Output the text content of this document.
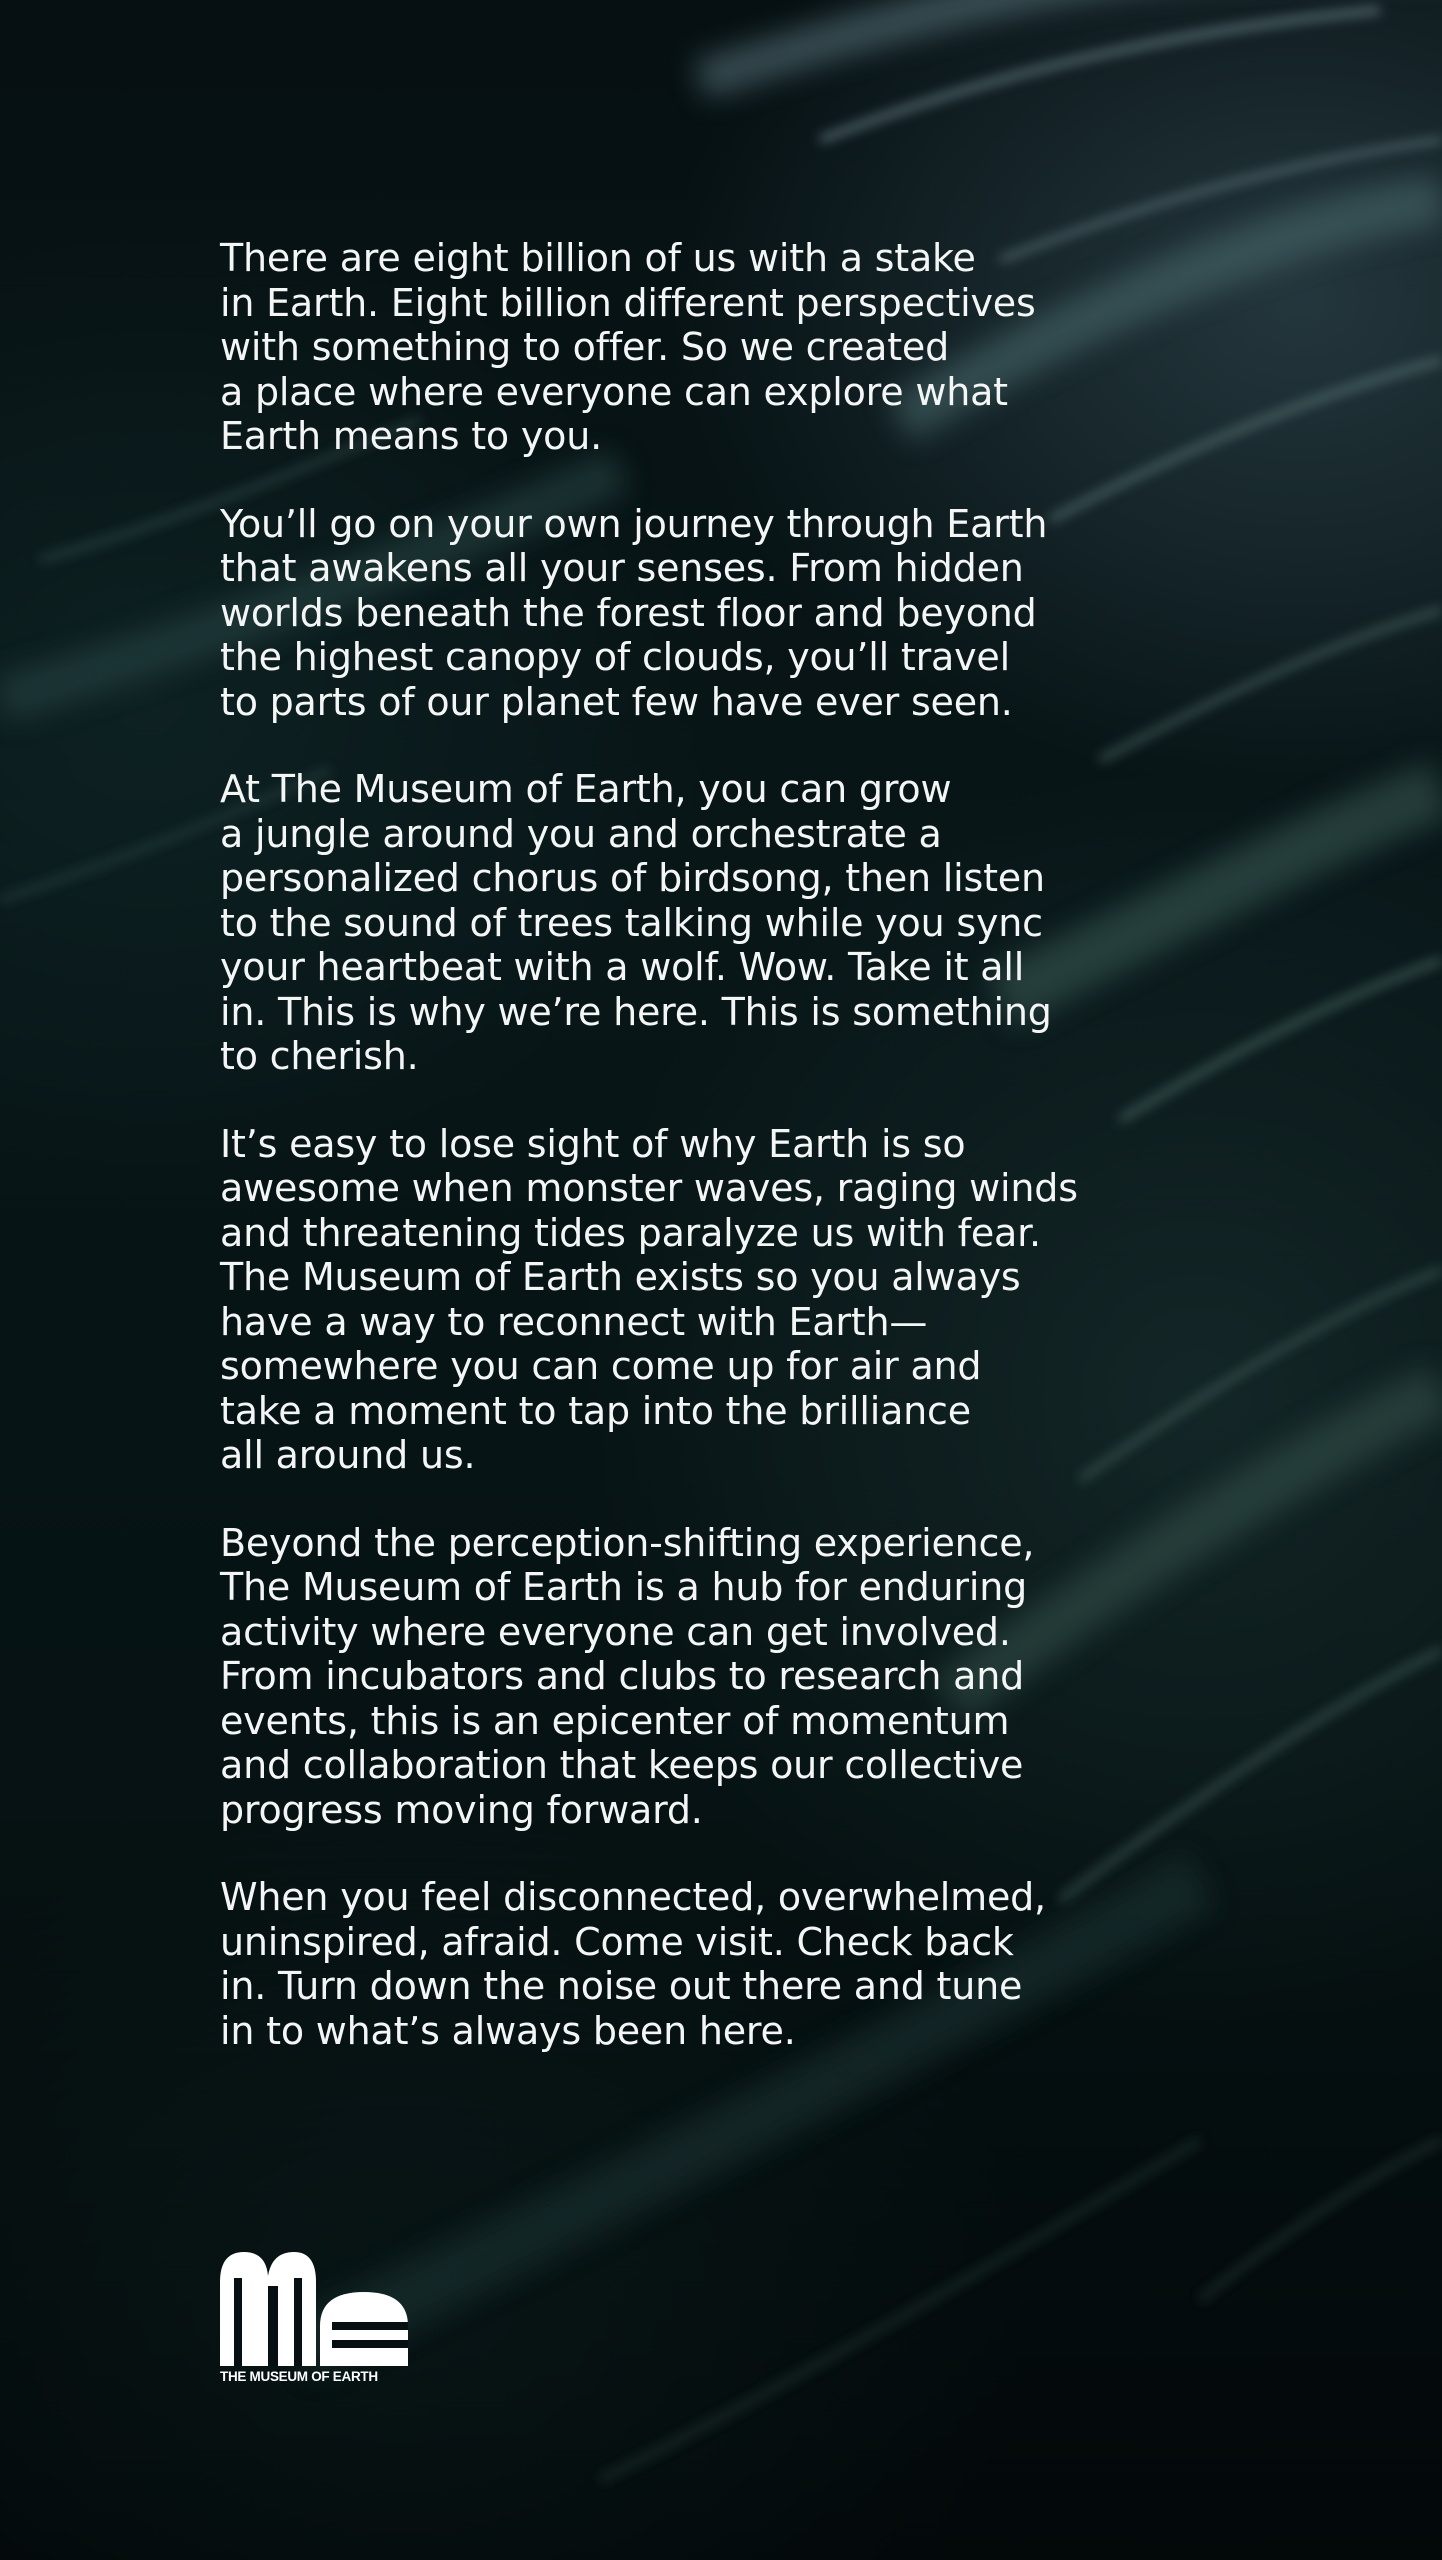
There are eight billion of us with a stake
in Earth. Eight billion different perspectives
with something to offer. So we created
a place where everyone can explore what
Earth means to you.

You’ll go on your own journey through Earth
that awakens all your senses. From hidden
worlds beneath the forest floor and beyond
the highest canopy of clouds, you’ll travel
to parts of our planet few have ever seen.

At The Museum of Earth, you can grow
a jungle around you and orchestrate a
personalized chorus of birdsong, then listen
to the sound of trees talking while you sync
your heartbeat with a wolf. Wow. Take it all
in. This is why we’re here. This is something
to cherish.

It’s easy to lose sight of why Earth is so
awesome when monster waves, raging winds
and threatening tides paralyze us with fear.
The Museum of Earth exists so you always
have a way to reconnect with Earth—
somewhere you can come up for air and
take a moment to tap into the brilliance
all around us.

Beyond the perception-shifting experience,
The Museum of Earth is a hub for enduring
activity where everyone can get involved.
From incubators and clubs to research and
events, this is an epicenter of momentum
and collaboration that keeps our collective
progress moving forward.

When you feel disconnected, overwhelmed,
uninspired, afraid. Come visit. Check back
in. Turn down the noise out there and tune
in to what’s always been here.

THE MUSEUM OF EARTH
